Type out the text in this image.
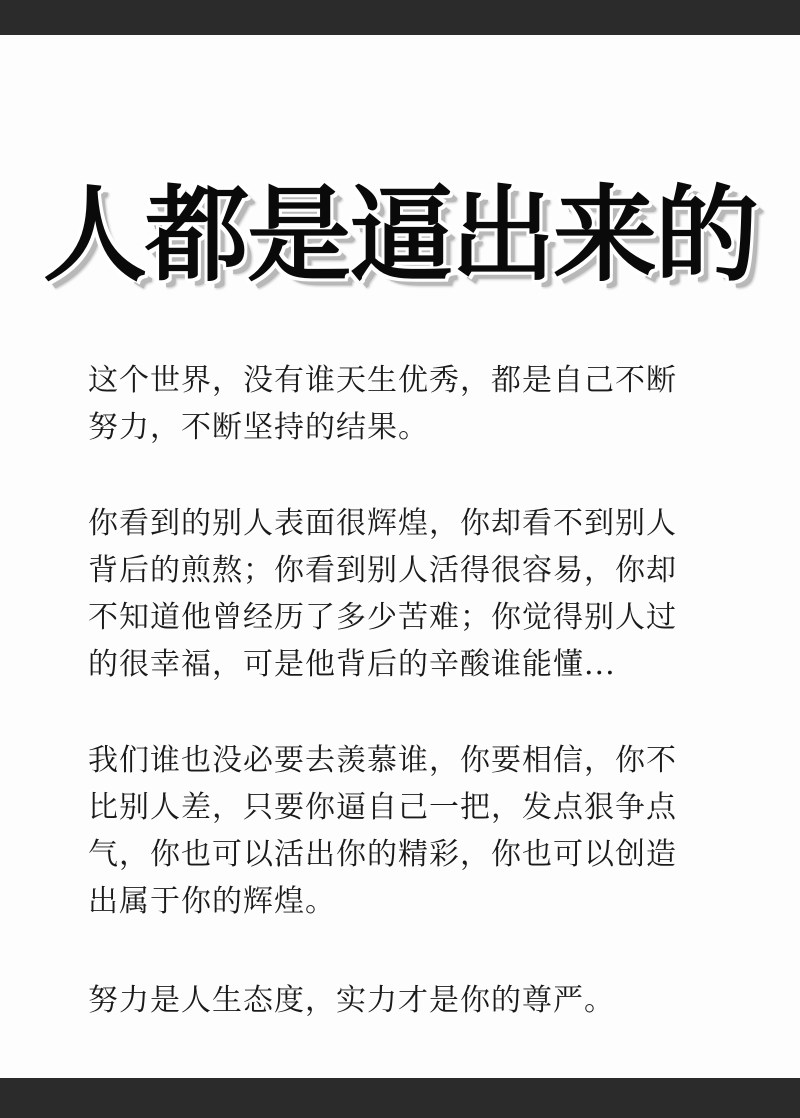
人都是逼出来的
这个世界，没有谁天生优秀，都是自己不断
努力，不断坚持的结果。
你看到的别人表面很辉煌，你却看不到别人
背后的煎熬；你看到别人活得很容易，你却
不知道他曾经历了多少苦难；你觉得别人过
的很幸福，可是他背后的辛酸谁能懂...
我们谁也没必要去羡慕谁，你要相信，你不
比别人差，只要你逼自己一把，发点狠争点
气，你也可以活出你的精彩，你也可以创造
出属于你的辉煌。
努力是人生态度，实力才是你的尊严。
